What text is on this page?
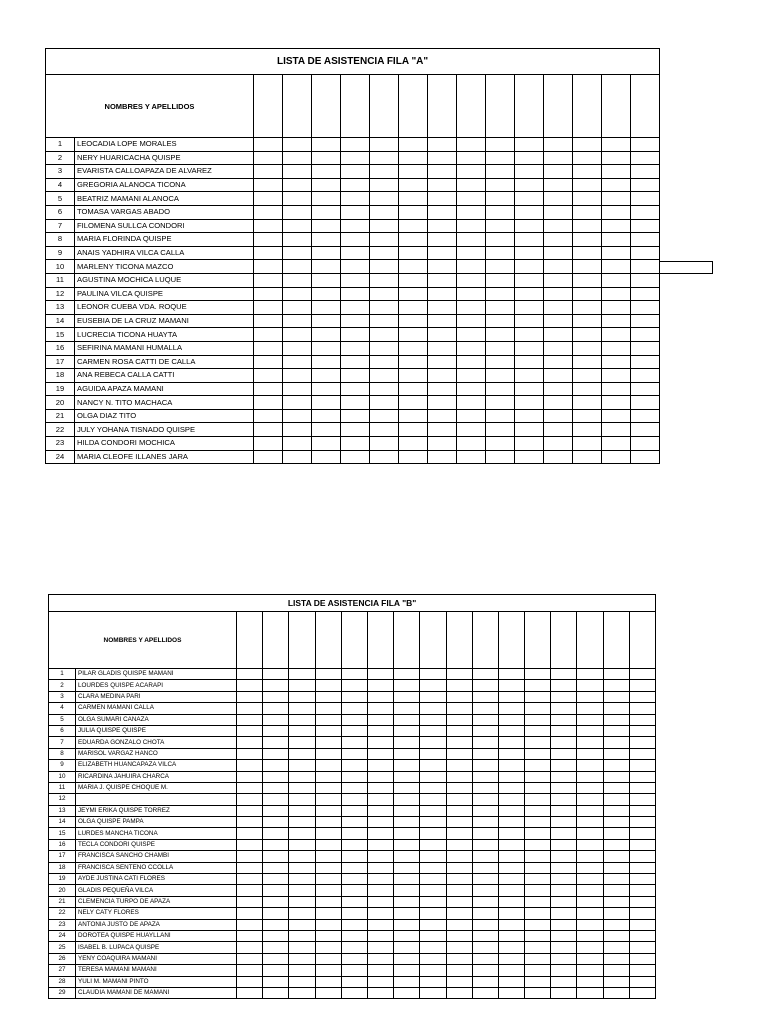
LISTA DE ASISTENCIA FILA "A"															
NOMBRES Y APELLIDOS															
1	LEOCADIA LOPE MORALES														
2	NERY HUARICACHA QUISPE														
3	EVARISTA CALLOAPAZA DE ALVAREZ														
4	GREGORIA ALANOCA TICONA														
5	BEATRIZ MAMANI ALANOCA														
6	TOMASA VARGAS ABADO														
7	FILOMENA SULLCA CONDORI														
8	MARIA FLORINDA QUISPE														
9	ANAIS YADHIRA VILCA CALLA														
10	MARLENY TICONA MAZCO														
11	AGUSTINA MOCHICA LUQUE														
12	PAULINA VILCA QUISPE														
13	LEONOR CUEBA VDA. ROQUE														
14	EUSEBIA DE LA CRUZ MAMANI														
15	LUCRECIA TICONA HUAYTA														
16	SEFIRINA MAMANI HUMALLA														
17	CARMEN ROSA CATTI DE CALLA														
18	ANA REBECA CALLA CATTI														
19	AGUIDA APAZA MAMANI														
20	NANCY N. TITO MACHACA														
21	OLGA DIAZ TITO														
22	JULY YOHANA TISNADO QUISPE														
23	HILDA CONDORI MOCHICA														
24	MARIA CLEOFE ILLANES JARA														
LISTA DE ASISTENCIA FILA "B"																	
NOMBRES Y APELLIDOS																	
1	PILAR GLADIS QUISPE MAMANI																
2	LOURDES QUISPE ACARAPI																
3	CLARA MEDINA PARI																
4	CARMEN MAMANI CALLA																
5	OLGA SUMARI CANAZA																
6	JULIA QUISPE QUISPE																
7	EDUARDA GONZALO CHOTA																
8	MARISOL VARGAZ HANCO																
9	ELIZABETH HUANCAPAZA VILCA																
10	RICARDINA JAHUIRA CHARCA																
11	MARIA J. QUISPE CHOQUE M.																
12																	
13	JEYMI ERIKA QUISPE TORREZ																
14	OLGA QUISPE PAMPA																
15	LURDES MANCHA TICONA																
16	TECLA CONDORI QUISPE																
17	FRANCISCA SANCHO CHAMBI																
18	FRANCISCA SENTENO CCOLLA																
19	AYDE JUSTINA CATI FLORES																
20	GLADIS PEQUEÑA VILCA																
21	CLEMENCIA TURPO DE APAZA																
22	NELY CATY FLORES																
23	ANTONIA JUSTO DE APAZA																
24	DOROTEA QUISPE HUAYLLANI																
25	ISABEL B. LUPACA QUISPE																
26	YENY COAQUIRA MAMANI																
27	TERESA MAMANI MAMANI																
28	YULI M. MAMANI PINTO																
29	CLAUDIA MAMANI DE MAMANI																
